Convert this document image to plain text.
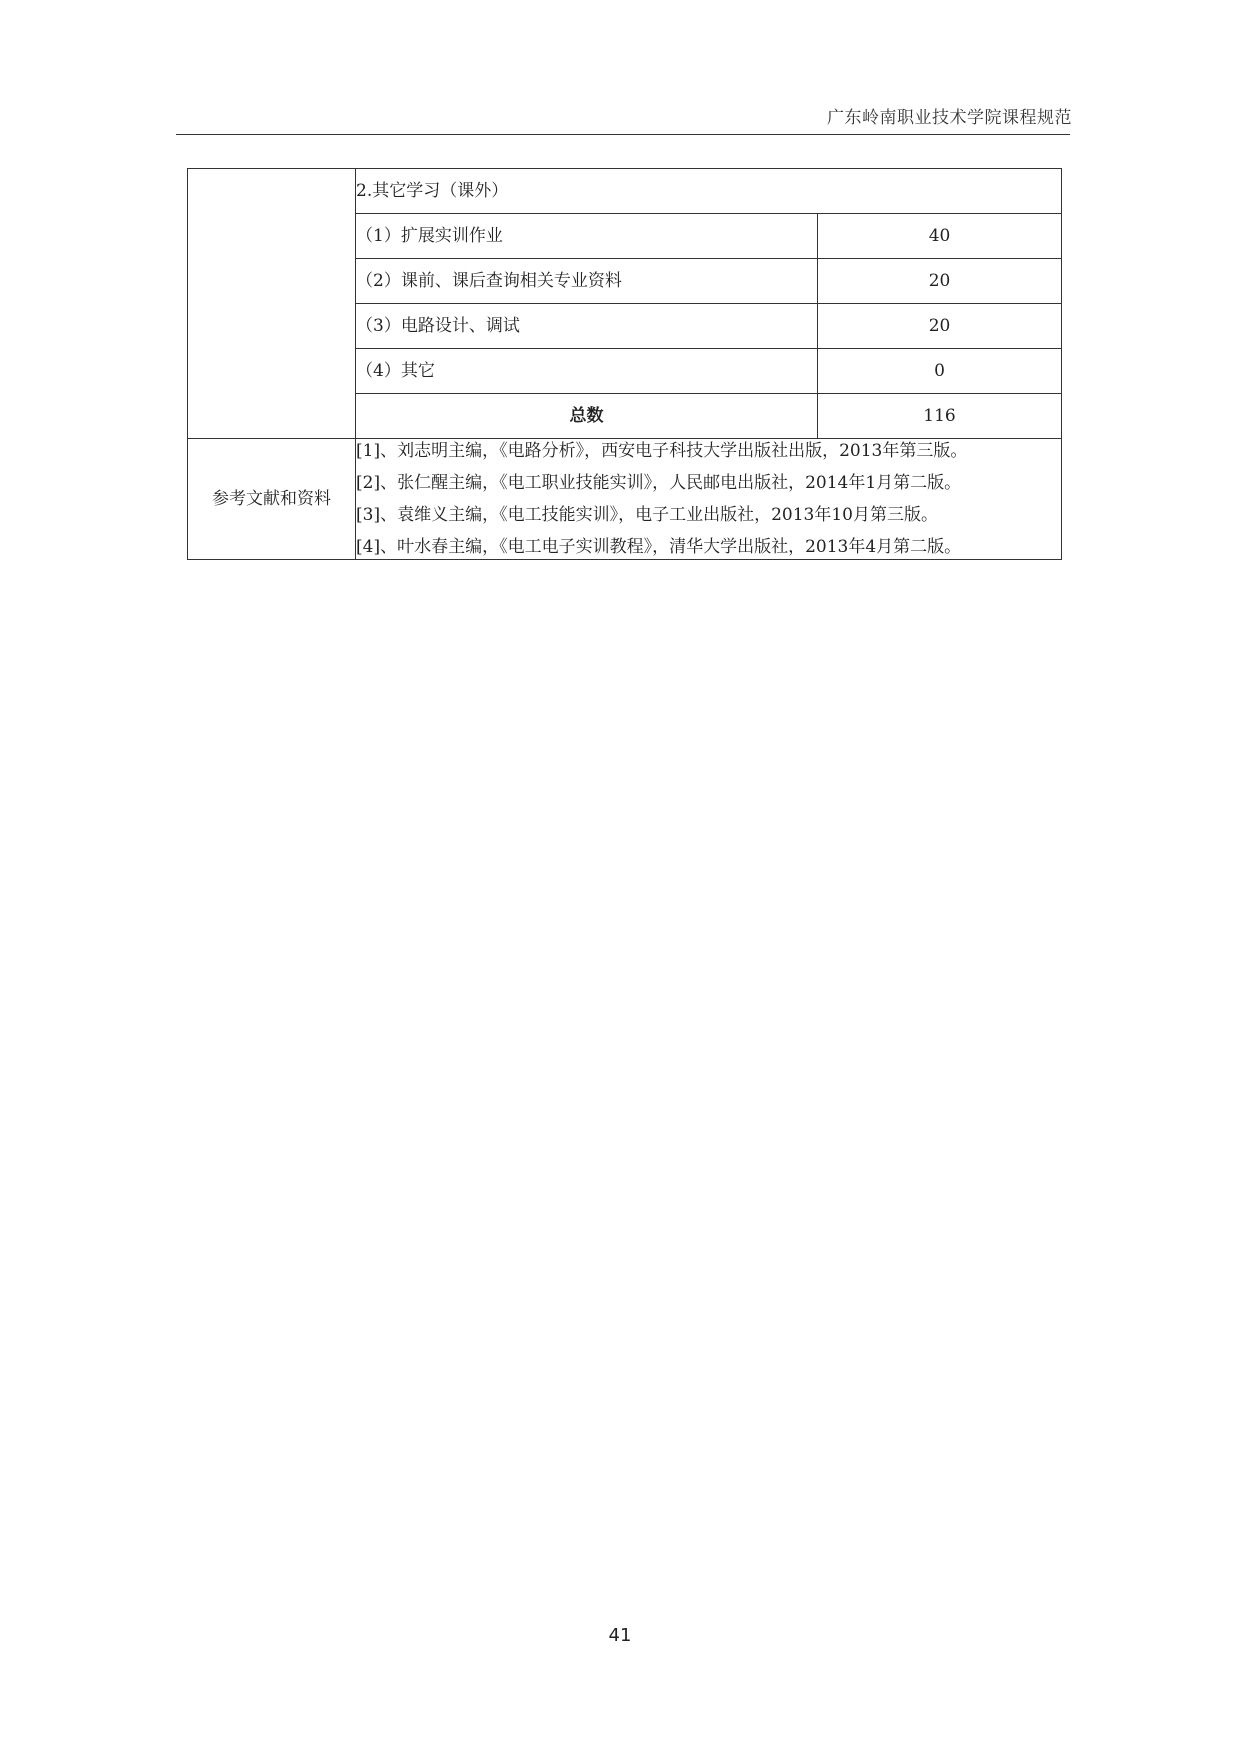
广东岭南职业技术学院课程规范
	2.其它学习（课外）	
	（1）扩展实训作业	40
	（2）课前、课后查询相关专业资料	20
	（3）电路设计、调试	20
	（4）其它	0
	总数	116
参考文献和资料	[1]、刘志明主编，《电路分析》，西安电子科技大学出版社出版，2013年第三版。
[2]、张仁醒主编，《电工职业技能实训》，人民邮电出版社，2014年1月第二版。
[3]、袁维义主编，《电工技能实训》，电子工业出版社，2013年10月第三版。
[4]、叶水春主编，《电工电子实训教程》，清华大学出版社，2013年4月第二版。	
41
